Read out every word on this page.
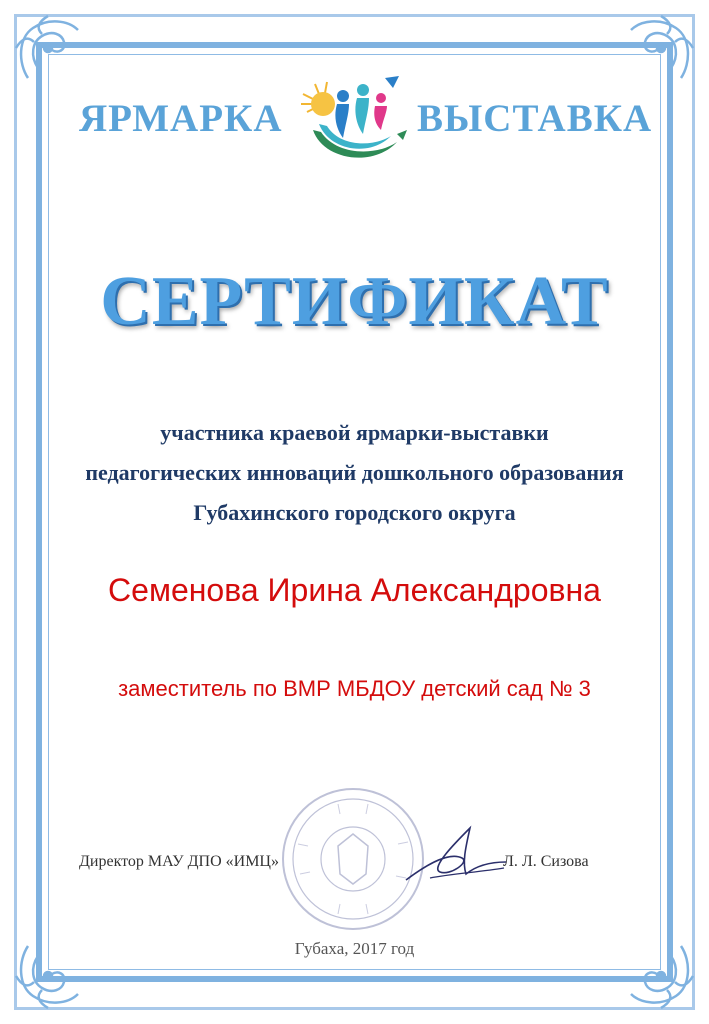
ЯРМАРКА	ВЫСТАВКА
СЕРТИФИКАТ
участника краевой ярмарки-выставки
педагогических инноваций дошкольного образования
Губахинского городского округа
Семенова Ирина Александровна
заместитель по ВМР МБДОУ детский сад № 3
Директор МАУ ДПО «ИМЦ»	Л. Л. Сизова
Губаха, 2017 год
